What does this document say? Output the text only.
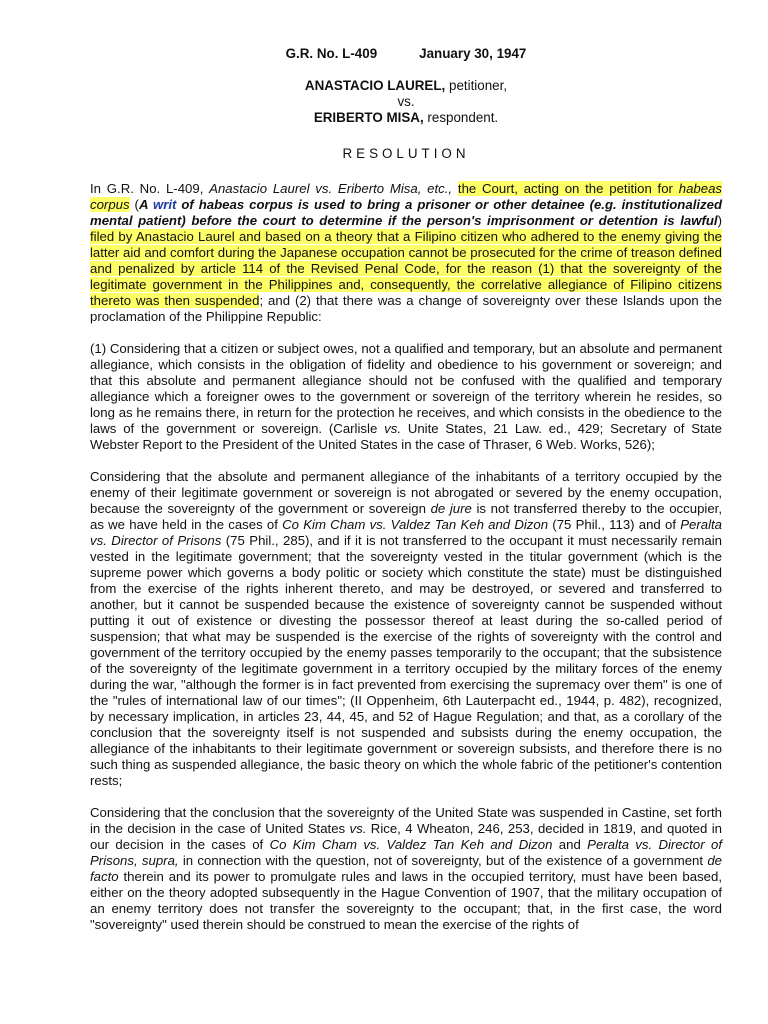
G.R. No. L-409	January 30, 1947
ANASTACIO LAUREL, petitioner,
vs.
ERIBERTO MISA, respondent.
RESOLUTION

In G.R. No. L-409, Anastacio Laurel vs. Eriberto Misa, etc., the Court, acting on the petition for habeas corpus (A writ of habeas corpus is used to bring a prisoner or other detainee (e.g. institutionalized mental patient) before the court to determine if the person's imprisonment or detention is lawful) filed by Anastacio Laurel and based on a theory that a Filipino citizen who adhered to the enemy giving the latter aid and comfort during the Japanese occupation cannot be prosecuted for the crime of treason defined and penalized by article 114 of the Revised Penal Code, for the reason (1) that the sovereignty of the legitimate government in the Philippines and, consequently, the correlative allegiance of Filipino citizens thereto was then suspended; and (2) that there was a change of sovereignty over these Islands upon the proclamation of the Philippine Republic:

(1) Considering that a citizen or subject owes, not a qualified and temporary, but an absolute and permanent allegiance, which consists in the obligation of fidelity and obedience to his government or sovereign; and that this absolute and permanent allegiance should not be confused with the qualified and temporary allegiance which a foreigner owes to the government or sovereign of the territory wherein he resides, so long as he remains there, in return for the protection he receives, and which consists in the obedience to the laws of the government or sovereign. (Carlisle vs. Unite States, 21 Law. ed., 429; Secretary of State Webster Report to the President of the United States in the case of Thraser, 6 Web. Works, 526);

Considering that the absolute and permanent allegiance of the inhabitants of a territory occupied by the enemy of their legitimate government or sovereign is not abrogated or severed by the enemy occupation, because the sovereignty of the government or sovereign de jure is not transferred thereby to the occupier, as we have held in the cases of Co Kim Cham vs. Valdez Tan Keh and Dizon (75 Phil., 113) and of Peralta vs. Director of Prisons (75 Phil., 285), and if it is not transferred to the occupant it must necessarily remain vested in the legitimate government; that the sovereignty vested in the titular government (which is the supreme power which governs a body politic or society which constitute the state) must be distinguished from the exercise of the rights inherent thereto, and may be destroyed, or severed and transferred to another, but it cannot be suspended because the existence of sovereignty cannot be suspended without putting it out of existence or divesting the possessor thereof at least during the so-called period of suspension; that what may be suspended is the exercise of the rights of sovereignty with the control and government of the territory occupied by the enemy passes temporarily to the occupant; that the subsistence of the sovereignty of the legitimate government in a territory occupied by the military forces of the enemy during the war, "although the former is in fact prevented from exercising the supremacy over them" is one of the "rules of international law of our times"; (II Oppenheim, 6th Lauterpacht ed., 1944, p. 482), recognized, by necessary implication, in articles 23, 44, 45, and 52 of Hague Regulation; and that, as a corollary of the conclusion that the sovereignty itself is not suspended and subsists during the enemy occupation, the allegiance of the inhabitants to their legitimate government or sovereign subsists, and therefore there is no such thing as suspended allegiance, the basic theory on which the whole fabric of the petitioner's contention rests;

Considering that the conclusion that the sovereignty of the United State was suspended in Castine, set forth in the decision in the case of United States vs. Rice, 4 Wheaton, 246, 253, decided in 1819, and quoted in our decision in the cases of Co Kim Cham vs. Valdez Tan Keh and Dizon and Peralta vs. Director of Prisons, supra, in connection with the question, not of sovereignty, but of the existence of a government de facto therein and its power to promulgate rules and laws in the occupied territory, must have been based, either on the theory adopted subsequently in the Hague Convention of 1907, that the military occupation of an enemy territory does not transfer the sovereignty to the occupant; that, in the first case, the word "sovereignty" used therein should be construed to mean the exercise of the rights of
